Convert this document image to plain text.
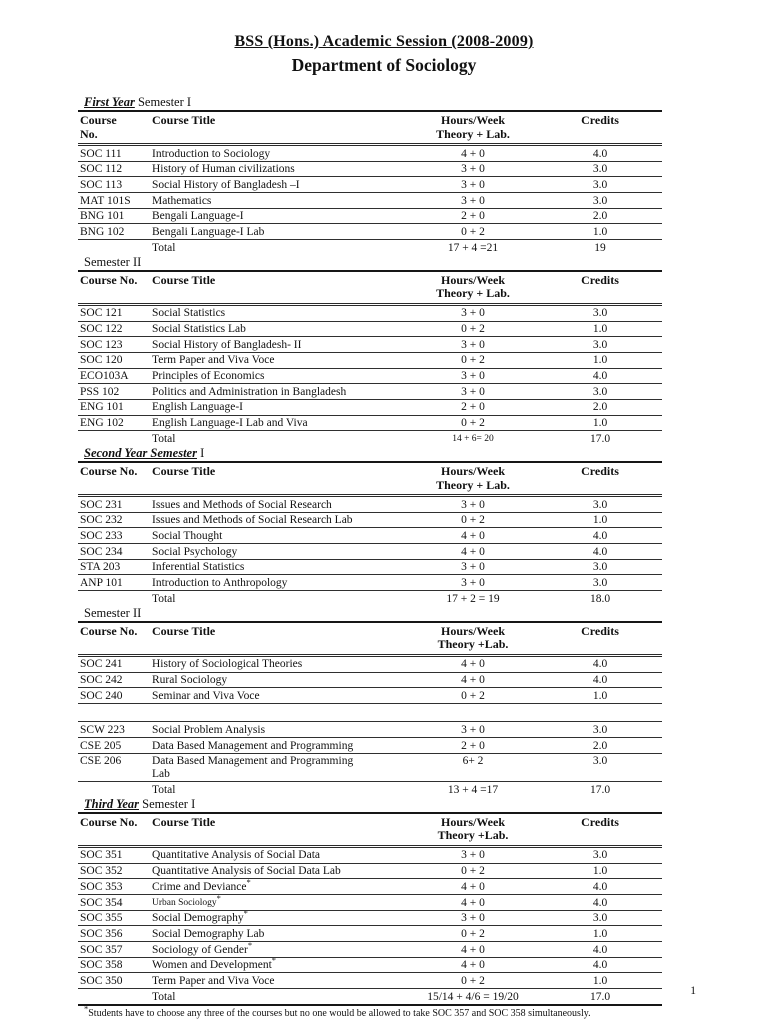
BSS (Hons.) Academic Session (2008-2009)
Department of Sociology
First Year Semester I
Course
No.
	Course Title	Hours/Week
Theory + Lab.
	Credits
SOC 111	Introduction to Sociology	4 + 0	4.0
SOC 112	History of Human civilizations	3 + 0	3.0
SOC 113	Social History of Bangladesh –I	3 + 0	3.0
MAT 101S	Mathematics	3 + 0	3.0
BNG 101	Bengali Language-I	2 + 0	2.0
BNG 102	Bengali Language-I Lab	0 + 2	1.0
	Total	17 + 4 =21	19
Semester II
Course No.	Course Title	Hours/Week
Theory + Lab.	Credits
SOC 121	Social Statistics	3 + 0	3.0
SOC 122	Social Statistics Lab	0 + 2	1.0
SOC 123	Social History of Bangladesh- II	3 + 0	3.0
SOC 120	Term Paper and Viva Voce	0 + 2	1.0
ECO103A	Principles of Economics	3 + 0	4.0
PSS 102	Politics and Administration in Bangladesh	3 + 0	3.0
ENG 101	English Language-I	2 + 0	2.0
ENG 102	English Language-I Lab and Viva	0 + 2	1.0
	Total	14 + 6= 20	17.0
Second Year Semester I
Course No.	Course Title	Hours/Week
Theory + Lab.	Credits
SOC 231	Issues and Methods of Social Research	3 + 0	3.0
SOC 232	Issues and Methods of Social Research Lab	0 + 2	1.0
SOC 233	Social Thought	4 + 0	4.0
SOC 234	Social Psychology	4 + 0	4.0
STA 203	Inferential Statistics	3 + 0	3.0
ANP 101	Introduction to Anthropology	3 + 0	3.0
	Total	17 + 2 = 19	18.0
Semester II
Course No.	Course Title	Hours/Week
Theory +Lab.	Credits
SOC 241	History of Sociological Theories	4 + 0	4.0
SOC 242	Rural Sociology	4 + 0	4.0
SOC 240	Seminar and Viva Voce	0 + 2	1.0

SCW 223	Social Problem Analysis	3 + 0	3.0
CSE 205	Data Based Management and Programming	2 + 0	2.0
CSE 206	Data Based Management and Programming
Lab	6+ 2	3.0
	Total	13 + 4 =17	17.0
Third Year Semester I
Course No.	Course Title	Hours/Week
Theory +Lab.	Credits
SOC 351	Quantitative Analysis of Social Data	3 + 0	3.0
SOC 352	Quantitative Analysis of Social Data Lab	0 + 2	1.0
SOC 353	Crime and Deviance*	4 + 0	4.0
SOC 354	Urban Sociology*	4 + 0	4.0
SOC 355	Social Demography*	3 + 0	3.0
SOC 356	Social Demography Lab	0 + 2	1.0
SOC 357	Sociology of Gender*	4 + 0	4.0
SOC 358	Women and Development*	4 + 0	4.0
SOC 350	Term Paper and Viva Voce	0 + 2	1.0
	Total	15/14 + 4/6 = 19/20	17.0
*Students have to choose any three of the courses but no one would be allowed to take SOC 357 and SOC 358 simultaneously.
1
